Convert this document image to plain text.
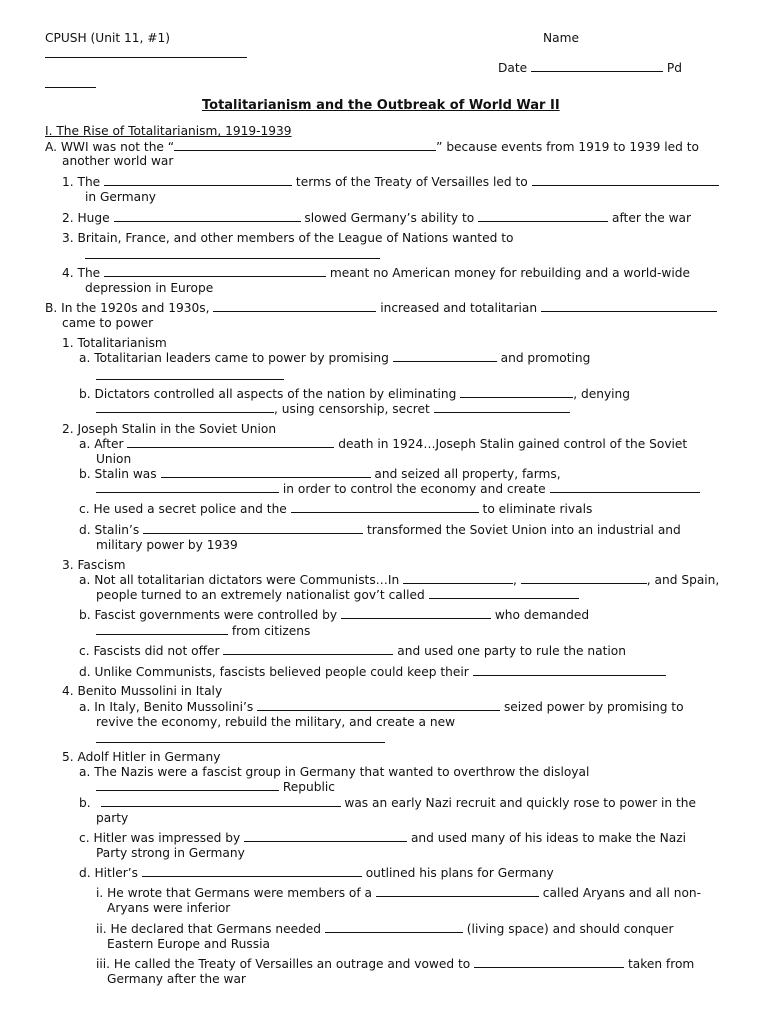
CPUSH (Unit 11, #1)	Name
Date	Pd
Totalitarianism and the Outbreak of World War II
I. The Rise of Totalitarianism, 1919-1939
A. WWI was not the “	” because events from 1919 to 1939 led to
another world war
1. The	terms of the Treaty of Versailles led to
in Germany
2. Huge	slowed Germany’s ability to	after the war
3. Britain, France, and other members of the League of Nations wanted to
4. The	meant no American money for rebuilding and a world-wide
depression in Europe
B. In the 1920s and 1930s,	increased and totalitarian
came to power
1. Totalitarianism
a. Totalitarian leaders came to power by promising	and promoting
b. Dictators controlled all aspects of the nation by eliminating	, denying
, using censorship, secret
2. Joseph Stalin in the Soviet Union
a. After	death in 1924…Joseph Stalin gained control of the Soviet
Union
b. Stalin was	and seized all property, farms,
in order to control the economy and create
c. He used a secret police and the	to eliminate rivals
d. Stalin’s	transformed the Soviet Union into an industrial and
military power by 1939
3. Fascism
a. Not all totalitarian dictators were Communists…In	,	, and Spain,
people turned to an extremely nationalist gov’t called
b. Fascist governments were controlled by	who demanded
from citizens
c. Fascists did not offer	and used one party to rule the nation
d. Unlike Communists, fascists believed people could keep their
4. Benito Mussolini in Italy
a. In Italy, Benito Mussolini’s	seized power by promising to
revive the economy, rebuild the military, and create a new
5. Adolf Hitler in Germany
a. The Nazis were a fascist group in Germany that wanted to overthrow the disloyal
Republic
b.	was an early Nazi recruit and quickly rose to power in the
party
c. Hitler was impressed by	and used many of his ideas to make the Nazi
Party strong in Germany
d. Hitler’s	outlined his plans for Germany
i. He wrote that Germans were members of a	called Aryans and all non-
Aryans were inferior
ii. He declared that Germans needed	(living space) and should conquer
Eastern Europe and Russia
iii. He called the Treaty of Versailles an outrage and vowed to	taken from
Germany after the war
